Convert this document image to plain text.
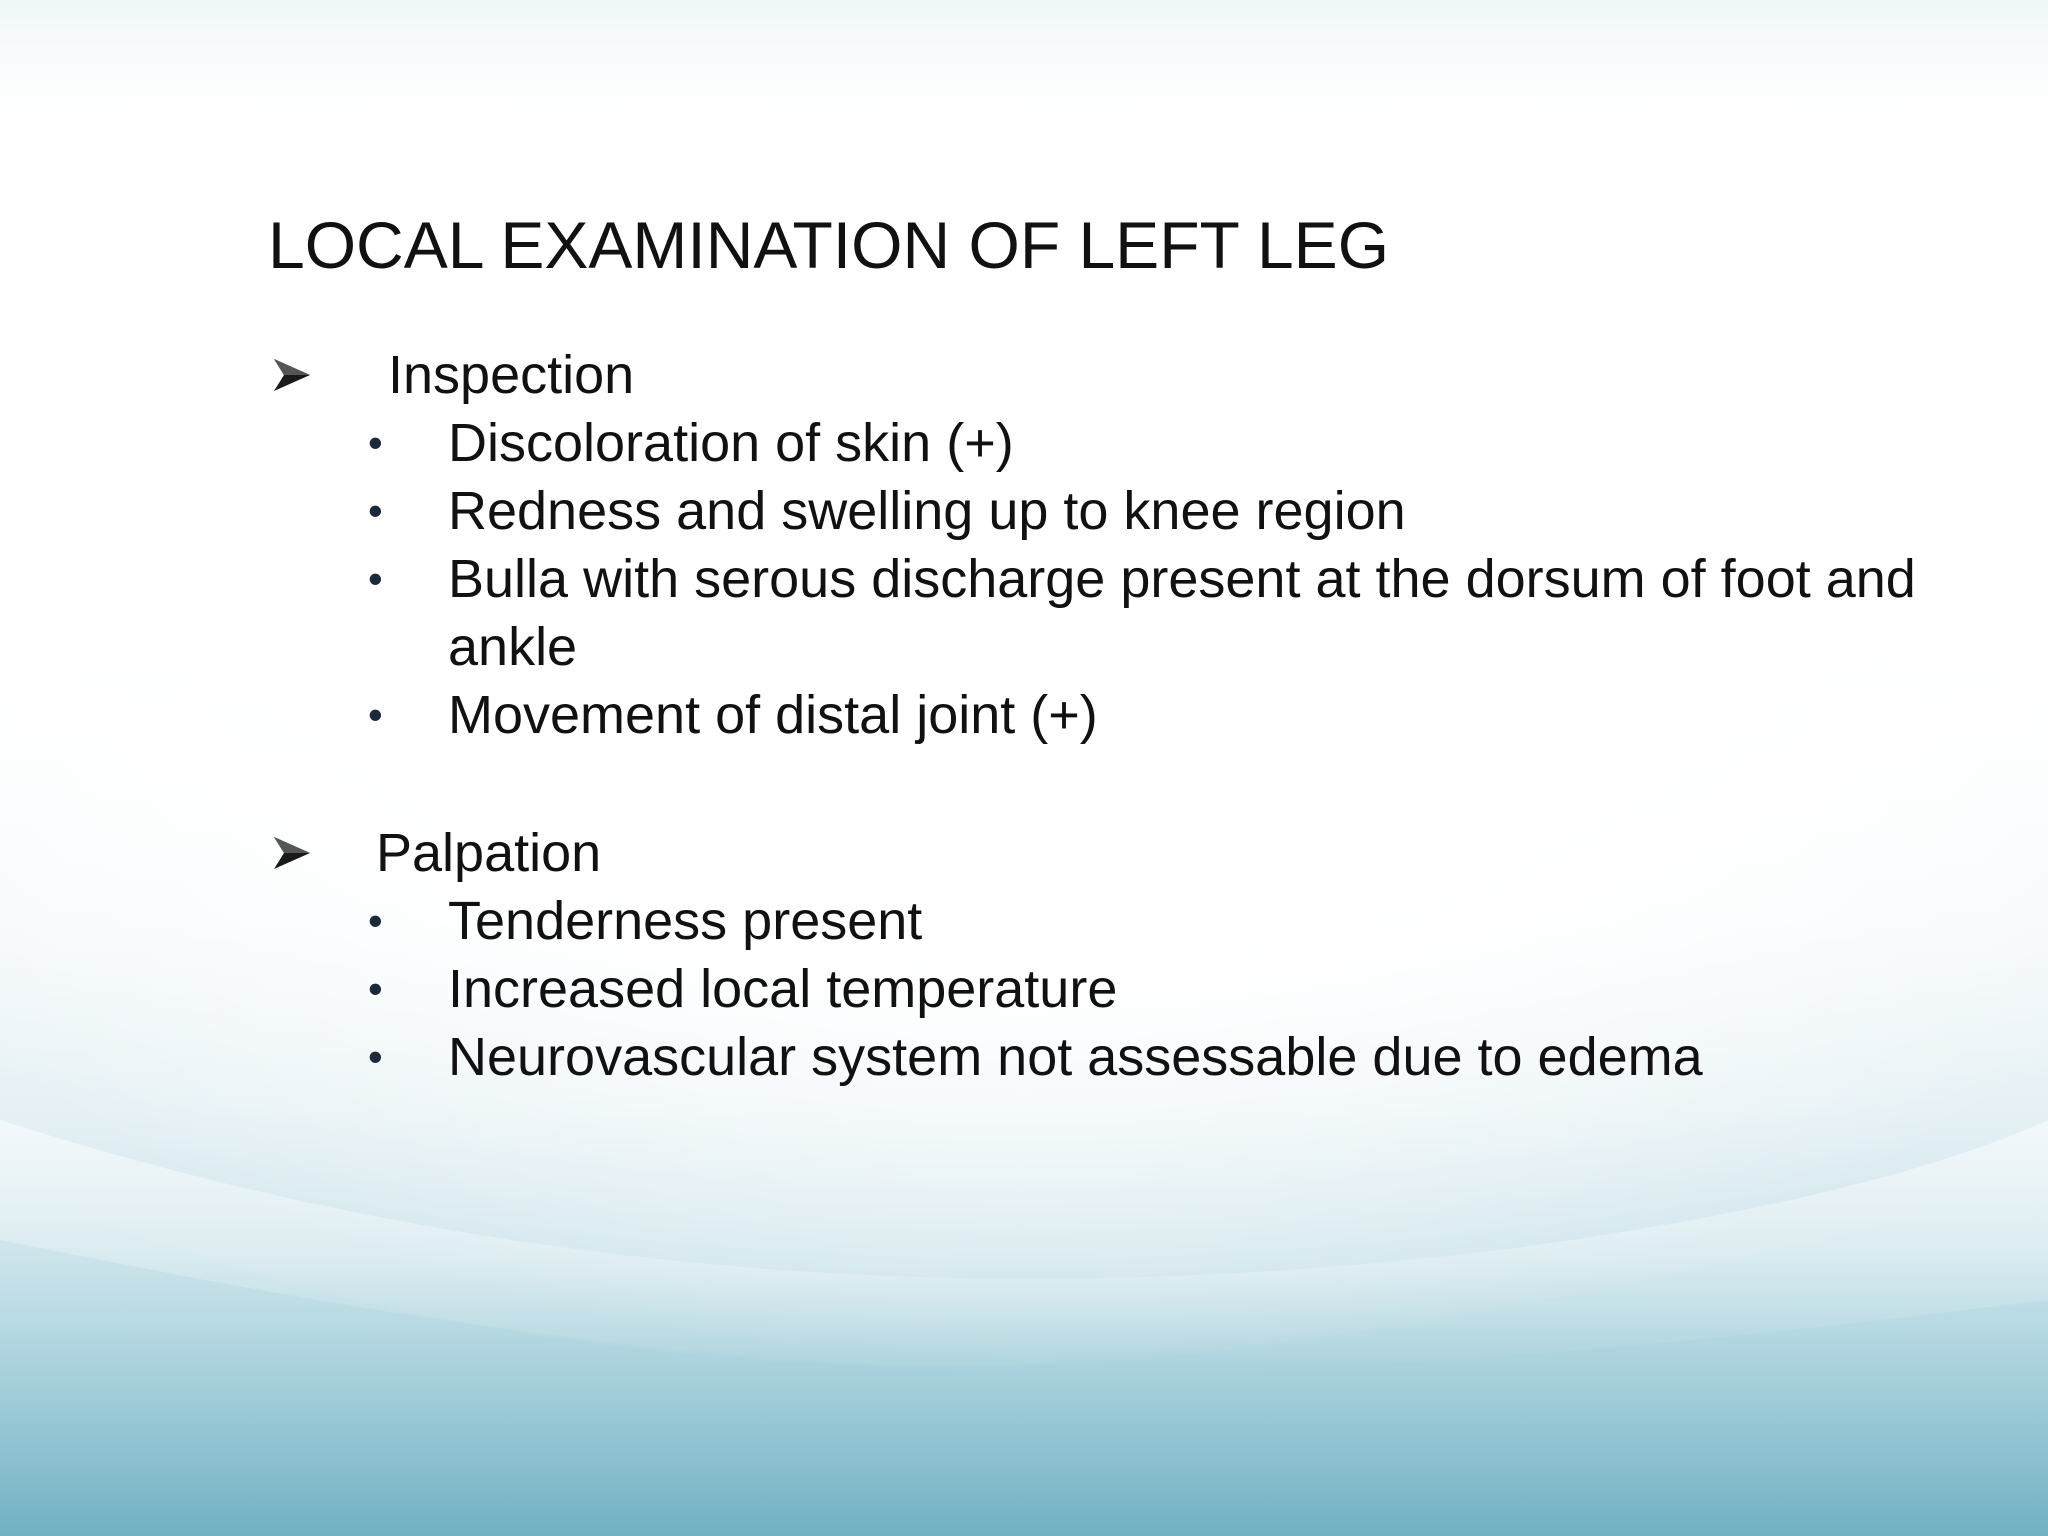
LOCAL EXAMINATION OF LEFT LEG
Inspection
•	Discoloration of skin (+)
•	Redness and swelling up to knee region
•	Bulla with serous discharge present at the dorsum of foot and ankle
•	Movement of distal joint (+)
Palpation
•	Tenderness present
•	Increased local temperature
•	Neurovascular system not assessable due to edema
